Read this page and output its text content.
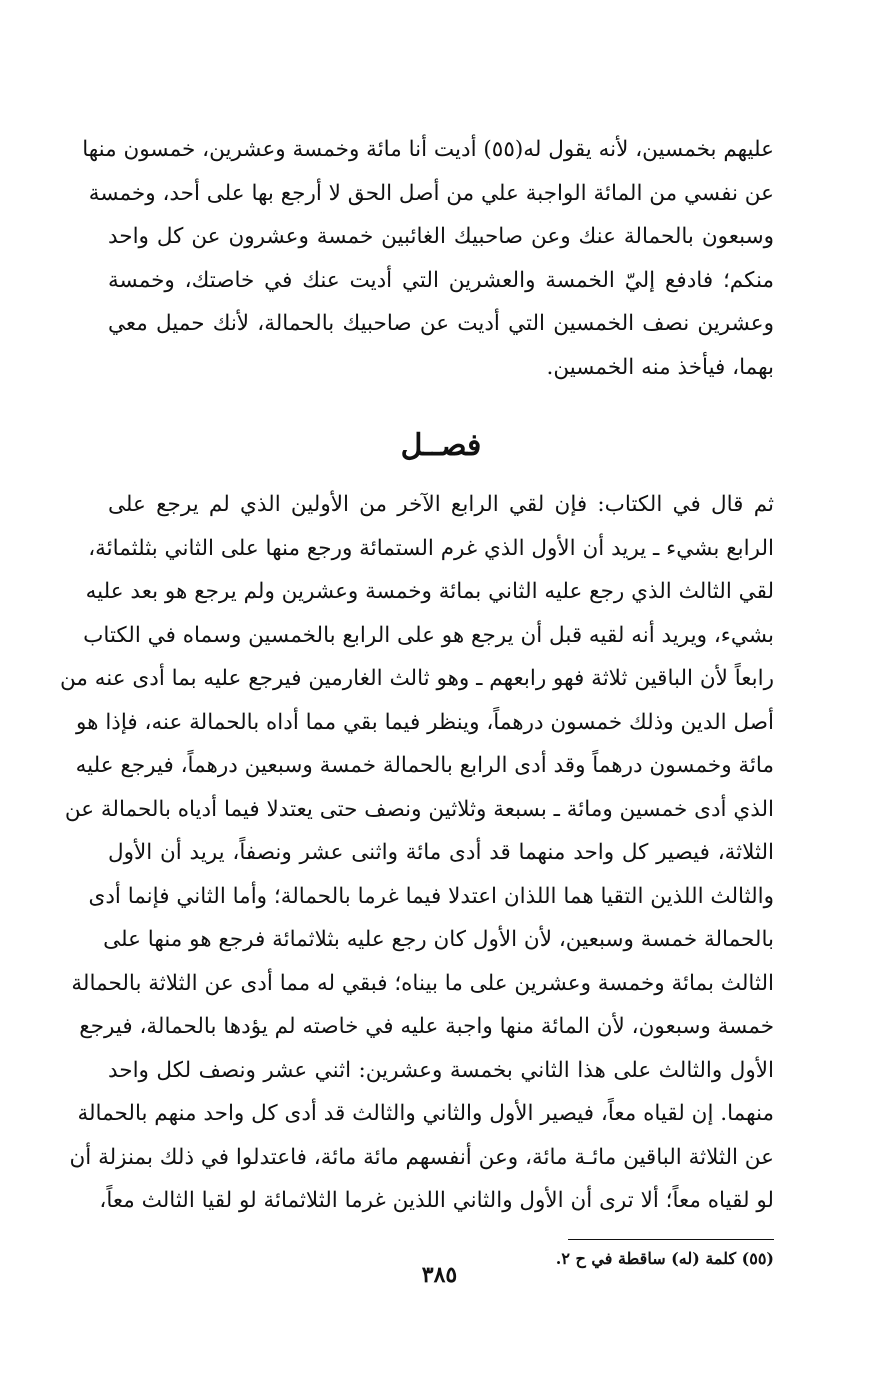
عليهم بخمسين، لأنه يقول له(٥٥) أديت أنا مائة وخمسة وعشرين، خمسون منها
عن نفسي من المائة الواجبة علي من أصل الحق لا أرجع بها على أحد، وخمسة
وسبعون بالحمالة عنك وعن صاحبيك الغائبين خمسة وعشرون عن كل واحد
منكم؛ فادفع إليّ الخمسة والعشرين التي أديت عنك في خاصتك، وخمسة
وعشرين نصف الخمسين التي أديت عن صاحبيك بالحمالة، لأنك حميل معي
بهما، فيأخذ منه الخمسين.

فصــل

ثم قال في الكتاب: فإن لقي الرابع الآخر من الأولين الذي لم يرجع على
الرابع بشيء ـ يريد أن الأول الذي غرم الستمائة ورجع منها على الثاني بثلثمائة،
لقي الثالث الذي رجع عليه الثاني بمائة وخمسة وعشرين ولم يرجع هو بعد عليه
بشيء، ويريد أنه لقيه قبل أن يرجع هو على الرابع بالخمسين وسماه في الكتاب
رابعاً لأن الباقين ثلاثة فهو رابعهم ـ وهو ثالث الغارمين فيرجع عليه بما أدى عنه من
أصل الدين وذلك خمسون درهماً، وينظر فيما بقي مما أداه بالحمالة عنه، فإذا هو
مائة وخمسون درهماً وقد أدى الرابع بالحمالة خمسة وسبعين درهماً، فيرجع عليه
الذي أدى خمسين ومائة ـ بسبعة وثلاثين ونصف حتى يعتدلا فيما أدياه بالحمالة عن
الثلاثة، فيصير كل واحد منهما قد أدى مائة واثنى عشر ونصفاً، يريد أن الأول
والثالث اللذين التقيا هما اللذان اعتدلا فيما غرما بالحمالة؛ وأما الثاني فإنما أدى
بالحمالة خمسة وسبعين، لأن الأول كان رجع عليه بثلاثمائة فرجع هو منها على
الثالث بمائة وخمسة وعشرين على ما بيناه؛ فبقي له مما أدى عن الثلاثة بالحمالة
خمسة وسبعون، لأن المائة منها واجبة عليه في خاصته لم يؤدها بالحمالة، فيرجع
الأول والثالث على هذا الثاني بخمسة وعشرين: اثني عشر ونصف لكل واحد
منهما. إن لقياه معاً، فيصير الأول والثاني والثالث قد أدى كل واحد منهم بالحمالة
عن الثلاثة الباقين مائـة مائة، وعن أنفسهم مائة مائة، فاعتدلوا في ذلك بمنزلة أن
لو لقياه معاً؛ ألا ترى أن الأول والثاني اللذين غرما الثلاثمائة لو لقيا الثالث معاً،

(٥٥) كلمة (له) ساقطة في ح ٢.
٣٨٥
